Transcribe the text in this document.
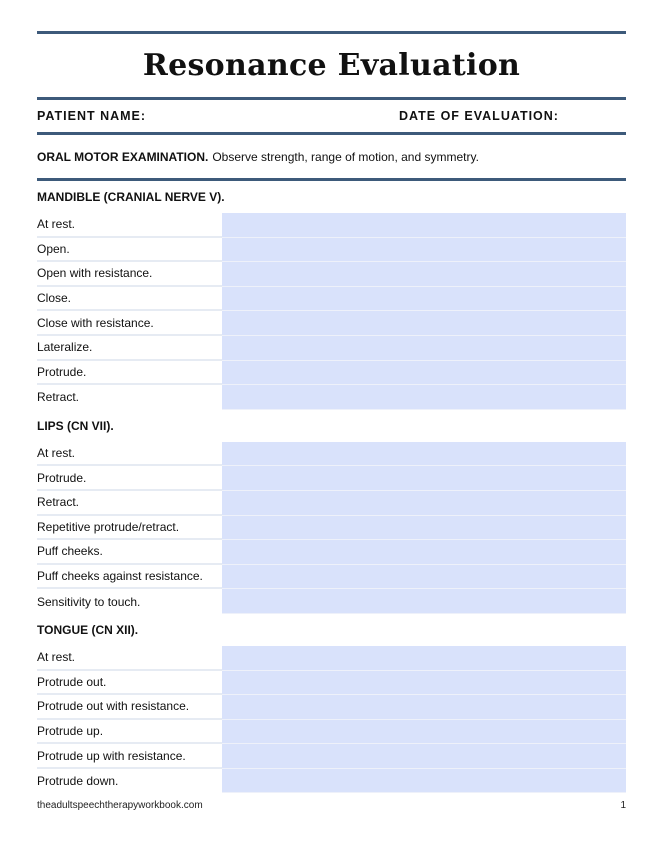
Resonance Evaluation
PATIENT NAME:	DATE OF EVALUATION:
ORAL MOTOR EXAMINATION. Observe strength, range of motion, and symmetry.
MANDIBLE (CRANIAL NERVE V).
At rest.
Open.
Open with resistance.
Close.
Close with resistance.
Lateralize.
Protrude.
Retract.
LIPS (CN VII).
At rest.
Protrude.
Retract.
Repetitive protrude/retract.
Puff cheeks.
Puff cheeks against resistance.
Sensitivity to touch.
TONGUE (CN XII).
At rest.
Protrude out.
Protrude out with resistance.
Protrude up.
Protrude up with resistance.
Protrude down.
theadultspeechtherapyworkbook.com	1
